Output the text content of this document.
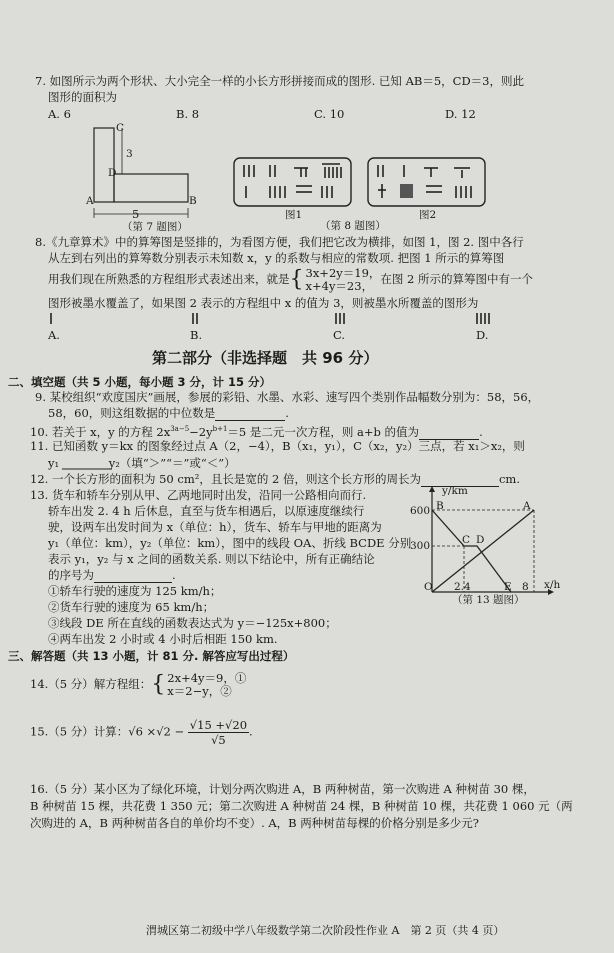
7. 如图所示为两个形状、大小完全一样的小长方形拼接而成的图形. 已知 AB＝5，CD＝3，则此
图形的面积为
A. 6	B. 8	C. 10	D. 12
C
3
D
A	B
5
（第 7 题图）
图1
（第 8 题图）
图2
8.《九章算术》中的算筹图是竖排的，为看图方便，我们把它改为横排，如图 1，图 2. 图中各行
从左到右列出的算筹数分别表示未知数 x，y 的系数与相应的常数项. 把图 1 所示的算筹图
用我们现在所熟悉的方程组形式表述出来，就是{ 3x+2y＝19，
x+4y＝23， 在图 2 所示的算筹图中有一个
图形被墨水覆盖了，如果图 2 表示的方程组中 x 的值为 3，则被墨水所覆盖的图形为
A.	B.	C.	D.
第二部分（非选择题　共 96 分）
二、填空题（共 5 小题，每小题 3 分，计 15 分）
9. 某校组织“欢度国庆”画展，参展的彩铅、水墨、水彩、速写四个类别作品幅数分别为：58，56，
58，60，则这组数据的中位数是	.
10. 若关于 x，y 的方程 $2x^{3a-5}-2y^{b+1}=5$ 是二元一次方程，则 a+b 的值为	.
11. 已知函数 y＝kx 的图象经过点 A（2，−4），B（x₁，y₁），C（x₂，y₂）三点，若 x₁＞x₂，则
y₁　　　　 y₂（填“＞”“＝”或“＜”）
12. 一个长方形的面积为 50 cm²，且长是宽的 2 倍，则这个长方形的周长为	cm.
13. 货车和轿车分别从甲、乙两地同时出发，沿同一公路相向而行.
轿车出发 2. 4 h 后休息，直至与货车相遇后，以原速度继续行
驶，设两车出发时间为 x（单位：h），货车、轿车与甲地的距离为
y₁（单位：km），y₂（单位：km），图中的线段 OA、折线 BCDE 分别
表示 y₁，y₂ 与 x 之间的函数关系. 则以下结论中，所有正确结论
的序号为	.
①轿车行驶的速度为 125 km/h；
②货车行驶的速度为 65 km/h；
③线段 DE 所在直线的函数表达式为 y＝−125x+800；
④两车出发 2 小时或 4 小时后相距 150 km.
y/km
x/h
600
300
O 2.4	E 8
B	A
C D
（第 13 题图）
三、解答题（共 13 小题，计 81 分. 解答应写出过程）
14.（5 分）解方程组：{ 2x+4y＝9，①
x＝2−y，②
15.（5 分）计算：$√6 \times√2 - \frac{√15 +√20}{√5}$ .
16.（5 分）某小区为了绿化环境，计划分两次购进 A，B 两种树苗，第一次购进 A 种树苗 30 棵，
B 种树苗 15 棵，共花费 1 350 元；第二次购进 A 种树苗 24 棵，B 种树苗 10 棵，共花费 1 060 元（两
次购进的 A，B 两种树苗各自的单价均不变）. A，B 两种树苗每棵的价格分别是多少元?
渭城区第二初级中学八年级数学第二次阶段性作业 A　第 2 页（共 4 页）
